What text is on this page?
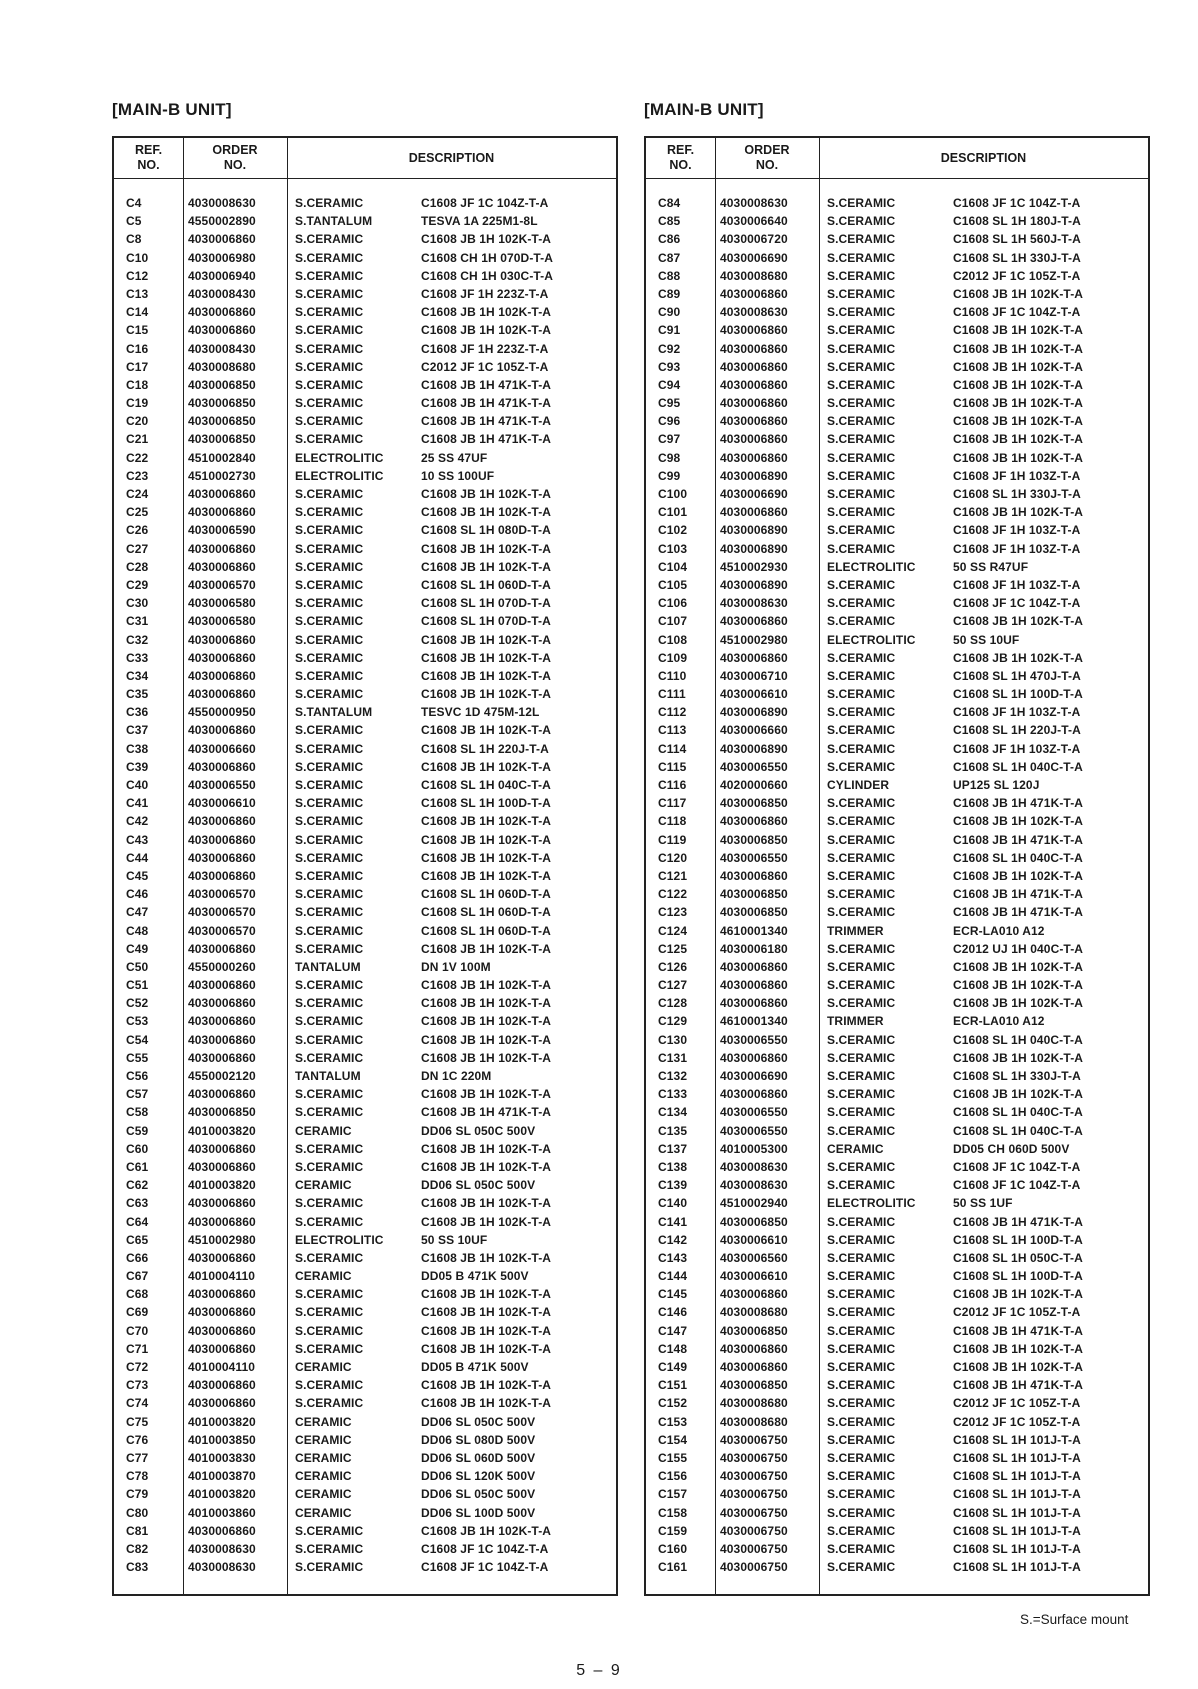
[MAIN-B UNIT]
REF.
NO.
ORDER
NO.
DESCRIPTION
C4	4030008630	S.CERAMIC	C1608 JF 1C 104Z-T-A
C5	4550002890	S.TANTALUM	TESVA 1A 225M1-8L
C8	4030006860	S.CERAMIC	C1608 JB 1H 102K-T-A
C10	4030006980	S.CERAMIC	C1608 CH 1H 070D-T-A
C12	4030006940	S.CERAMIC	C1608 CH 1H 030C-T-A
C13	4030008430	S.CERAMIC	C1608 JF 1H 223Z-T-A
C14	4030006860	S.CERAMIC	C1608 JB 1H 102K-T-A
C15	4030006860	S.CERAMIC	C1608 JB 1H 102K-T-A
C16	4030008430	S.CERAMIC	C1608 JF 1H 223Z-T-A
C17	4030008680	S.CERAMIC	C2012 JF 1C 105Z-T-A
C18	4030006850	S.CERAMIC	C1608 JB 1H 471K-T-A
C19	4030006850	S.CERAMIC	C1608 JB 1H 471K-T-A
C20	4030006850	S.CERAMIC	C1608 JB 1H 471K-T-A
C21	4030006850	S.CERAMIC	C1608 JB 1H 471K-T-A
C22	4510002840	ELECTROLITIC	25 SS 47UF
C23	4510002730	ELECTROLITIC	10 SS 100UF
C24	4030006860	S.CERAMIC	C1608 JB 1H 102K-T-A
C25	4030006860	S.CERAMIC	C1608 JB 1H 102K-T-A
C26	4030006590	S.CERAMIC	C1608 SL 1H 080D-T-A
C27	4030006860	S.CERAMIC	C1608 JB 1H 102K-T-A
C28	4030006860	S.CERAMIC	C1608 JB 1H 102K-T-A
C29	4030006570	S.CERAMIC	C1608 SL 1H 060D-T-A
C30	4030006580	S.CERAMIC	C1608 SL 1H 070D-T-A
C31	4030006580	S.CERAMIC	C1608 SL 1H 070D-T-A
C32	4030006860	S.CERAMIC	C1608 JB 1H 102K-T-A
C33	4030006860	S.CERAMIC	C1608 JB 1H 102K-T-A
C34	4030006860	S.CERAMIC	C1608 JB 1H 102K-T-A
C35	4030006860	S.CERAMIC	C1608 JB 1H 102K-T-A
C36	4550000950	S.TANTALUM	TESVC 1D 475M-12L
C37	4030006860	S.CERAMIC	C1608 JB 1H 102K-T-A
C38	4030006660	S.CERAMIC	C1608 SL 1H 220J-T-A
C39	4030006860	S.CERAMIC	C1608 JB 1H 102K-T-A
C40	4030006550	S.CERAMIC	C1608 SL 1H 040C-T-A
C41	4030006610	S.CERAMIC	C1608 SL 1H 100D-T-A
C42	4030006860	S.CERAMIC	C1608 JB 1H 102K-T-A
C43	4030006860	S.CERAMIC	C1608 JB 1H 102K-T-A
C44	4030006860	S.CERAMIC	C1608 JB 1H 102K-T-A
C45	4030006860	S.CERAMIC	C1608 JB 1H 102K-T-A
C46	4030006570	S.CERAMIC	C1608 SL 1H 060D-T-A
C47	4030006570	S.CERAMIC	C1608 SL 1H 060D-T-A
C48	4030006570	S.CERAMIC	C1608 SL 1H 060D-T-A
C49	4030006860	S.CERAMIC	C1608 JB 1H 102K-T-A
C50	4550000260	TANTALUM	DN 1V 100M
C51	4030006860	S.CERAMIC	C1608 JB 1H 102K-T-A
C52	4030006860	S.CERAMIC	C1608 JB 1H 102K-T-A
C53	4030006860	S.CERAMIC	C1608 JB 1H 102K-T-A
C54	4030006860	S.CERAMIC	C1608 JB 1H 102K-T-A
C55	4030006860	S.CERAMIC	C1608 JB 1H 102K-T-A
C56	4550002120	TANTALUM	DN 1C 220M
C57	4030006860	S.CERAMIC	C1608 JB 1H 102K-T-A
C58	4030006850	S.CERAMIC	C1608 JB 1H 471K-T-A
C59	4010003820	CERAMIC	DD06 SL 050C 500V
C60	4030006860	S.CERAMIC	C1608 JB 1H 102K-T-A
C61	4030006860	S.CERAMIC	C1608 JB 1H 102K-T-A
C62	4010003820	CERAMIC	DD06 SL 050C 500V
C63	4030006860	S.CERAMIC	C1608 JB 1H 102K-T-A
C64	4030006860	S.CERAMIC	C1608 JB 1H 102K-T-A
C65	4510002980	ELECTROLITIC	50 SS 10UF
C66	4030006860	S.CERAMIC	C1608 JB 1H 102K-T-A
C67	4010004110	CERAMIC	DD05 B 471K 500V
C68	4030006860	S.CERAMIC	C1608 JB 1H 102K-T-A
C69	4030006860	S.CERAMIC	C1608 JB 1H 102K-T-A
C70	4030006860	S.CERAMIC	C1608 JB 1H 102K-T-A
C71	4030006860	S.CERAMIC	C1608 JB 1H 102K-T-A
C72	4010004110	CERAMIC	DD05 B 471K 500V
C73	4030006860	S.CERAMIC	C1608 JB 1H 102K-T-A
C74	4030006860	S.CERAMIC	C1608 JB 1H 102K-T-A
C75	4010003820	CERAMIC	DD06 SL 050C 500V
C76	4010003850	CERAMIC	DD06 SL 080D 500V
C77	4010003830	CERAMIC	DD06 SL 060D 500V
C78	4010003870	CERAMIC	DD06 SL 120K 500V
C79	4010003820	CERAMIC	DD06 SL 050C 500V
C80	4010003860	CERAMIC	DD06 SL 100D 500V
C81	4030006860	S.CERAMIC	C1608 JB 1H 102K-T-A
C82	4030008630	S.CERAMIC	C1608 JF 1C 104Z-T-A
C83	4030008630	S.CERAMIC	C1608 JF 1C 104Z-T-A
[MAIN-B UNIT]
REF.
NO.
ORDER
NO.
DESCRIPTION
C84	4030008630	S.CERAMIC	C1608 JF 1C 104Z-T-A
C85	4030006640	S.CERAMIC	C1608 SL 1H 180J-T-A
C86	4030006720	S.CERAMIC	C1608 SL 1H 560J-T-A
C87	4030006690	S.CERAMIC	C1608 SL 1H 330J-T-A
C88	4030008680	S.CERAMIC	C2012 JF 1C 105Z-T-A
C89	4030006860	S.CERAMIC	C1608 JB 1H 102K-T-A
C90	4030008630	S.CERAMIC	C1608 JF 1C 104Z-T-A
C91	4030006860	S.CERAMIC	C1608 JB 1H 102K-T-A
C92	4030006860	S.CERAMIC	C1608 JB 1H 102K-T-A
C93	4030006860	S.CERAMIC	C1608 JB 1H 102K-T-A
C94	4030006860	S.CERAMIC	C1608 JB 1H 102K-T-A
C95	4030006860	S.CERAMIC	C1608 JB 1H 102K-T-A
C96	4030006860	S.CERAMIC	C1608 JB 1H 102K-T-A
C97	4030006860	S.CERAMIC	C1608 JB 1H 102K-T-A
C98	4030006860	S.CERAMIC	C1608 JB 1H 102K-T-A
C99	4030006890	S.CERAMIC	C1608 JF 1H 103Z-T-A
C100	4030006690	S.CERAMIC	C1608 SL 1H 330J-T-A
C101	4030006860	S.CERAMIC	C1608 JB 1H 102K-T-A
C102	4030006890	S.CERAMIC	C1608 JF 1H 103Z-T-A
C103	4030006890	S.CERAMIC	C1608 JF 1H 103Z-T-A
C104	4510002930	ELECTROLITIC	50 SS R47UF
C105	4030006890	S.CERAMIC	C1608 JF 1H 103Z-T-A
C106	4030008630	S.CERAMIC	C1608 JF 1C 104Z-T-A
C107	4030006860	S.CERAMIC	C1608 JB 1H 102K-T-A
C108	4510002980	ELECTROLITIC	50 SS 10UF
C109	4030006860	S.CERAMIC	C1608 JB 1H 102K-T-A
C110	4030006710	S.CERAMIC	C1608 SL 1H 470J-T-A
C111	4030006610	S.CERAMIC	C1608 SL 1H 100D-T-A
C112	4030006890	S.CERAMIC	C1608 JF 1H 103Z-T-A
C113	4030006660	S.CERAMIC	C1608 SL 1H 220J-T-A
C114	4030006890	S.CERAMIC	C1608 JF 1H 103Z-T-A
C115	4030006550	S.CERAMIC	C1608 SL 1H 040C-T-A
C116	4020000660	CYLINDER	UP125 SL 120J
C117	4030006850	S.CERAMIC	C1608 JB 1H 471K-T-A
C118	4030006860	S.CERAMIC	C1608 JB 1H 102K-T-A
C119	4030006850	S.CERAMIC	C1608 JB 1H 471K-T-A
C120	4030006550	S.CERAMIC	C1608 SL 1H 040C-T-A
C121	4030006860	S.CERAMIC	C1608 JB 1H 102K-T-A
C122	4030006850	S.CERAMIC	C1608 JB 1H 471K-T-A
C123	4030006850	S.CERAMIC	C1608 JB 1H 471K-T-A
C124	4610001340	TRIMMER	ECR-LA010 A12
C125	4030006180	S.CERAMIC	C2012 UJ 1H 040C-T-A
C126	4030006860	S.CERAMIC	C1608 JB 1H 102K-T-A
C127	4030006860	S.CERAMIC	C1608 JB 1H 102K-T-A
C128	4030006860	S.CERAMIC	C1608 JB 1H 102K-T-A
C129	4610001340	TRIMMER	ECR-LA010 A12
C130	4030006550	S.CERAMIC	C1608 SL 1H 040C-T-A
C131	4030006860	S.CERAMIC	C1608 JB 1H 102K-T-A
C132	4030006690	S.CERAMIC	C1608 SL 1H 330J-T-A
C133	4030006860	S.CERAMIC	C1608 JB 1H 102K-T-A
C134	4030006550	S.CERAMIC	C1608 SL 1H 040C-T-A
C135	4030006550	S.CERAMIC	C1608 SL 1H 040C-T-A
C137	4010005300	CERAMIC	DD05 CH 060D 500V
C138	4030008630	S.CERAMIC	C1608 JF 1C 104Z-T-A
C139	4030008630	S.CERAMIC	C1608 JF 1C 104Z-T-A
C140	4510002940	ELECTROLITIC	50 SS 1UF
C141	4030006850	S.CERAMIC	C1608 JB 1H 471K-T-A
C142	4030006610	S.CERAMIC	C1608 SL 1H 100D-T-A
C143	4030006560	S.CERAMIC	C1608 SL 1H 050C-T-A
C144	4030006610	S.CERAMIC	C1608 SL 1H 100D-T-A
C145	4030006860	S.CERAMIC	C1608 JB 1H 102K-T-A
C146	4030008680	S.CERAMIC	C2012 JF 1C 105Z-T-A
C147	4030006850	S.CERAMIC	C1608 JB 1H 471K-T-A
C148	4030006860	S.CERAMIC	C1608 JB 1H 102K-T-A
C149	4030006860	S.CERAMIC	C1608 JB 1H 102K-T-A
C151	4030006850	S.CERAMIC	C1608 JB 1H 471K-T-A
C152	4030008680	S.CERAMIC	C2012 JF 1C 105Z-T-A
C153	4030008680	S.CERAMIC	C2012 JF 1C 105Z-T-A
C154	4030006750	S.CERAMIC	C1608 SL 1H 101J-T-A
C155	4030006750	S.CERAMIC	C1608 SL 1H 101J-T-A
C156	4030006750	S.CERAMIC	C1608 SL 1H 101J-T-A
C157	4030006750	S.CERAMIC	C1608 SL 1H 101J-T-A
C158	4030006750	S.CERAMIC	C1608 SL 1H 101J-T-A
C159	4030006750	S.CERAMIC	C1608 SL 1H 101J-T-A
C160	4030006750	S.CERAMIC	C1608 SL 1H 101J-T-A
C161	4030006750	S.CERAMIC	C1608 SL 1H 101J-T-A
S.=Surface mount
5 – 9
